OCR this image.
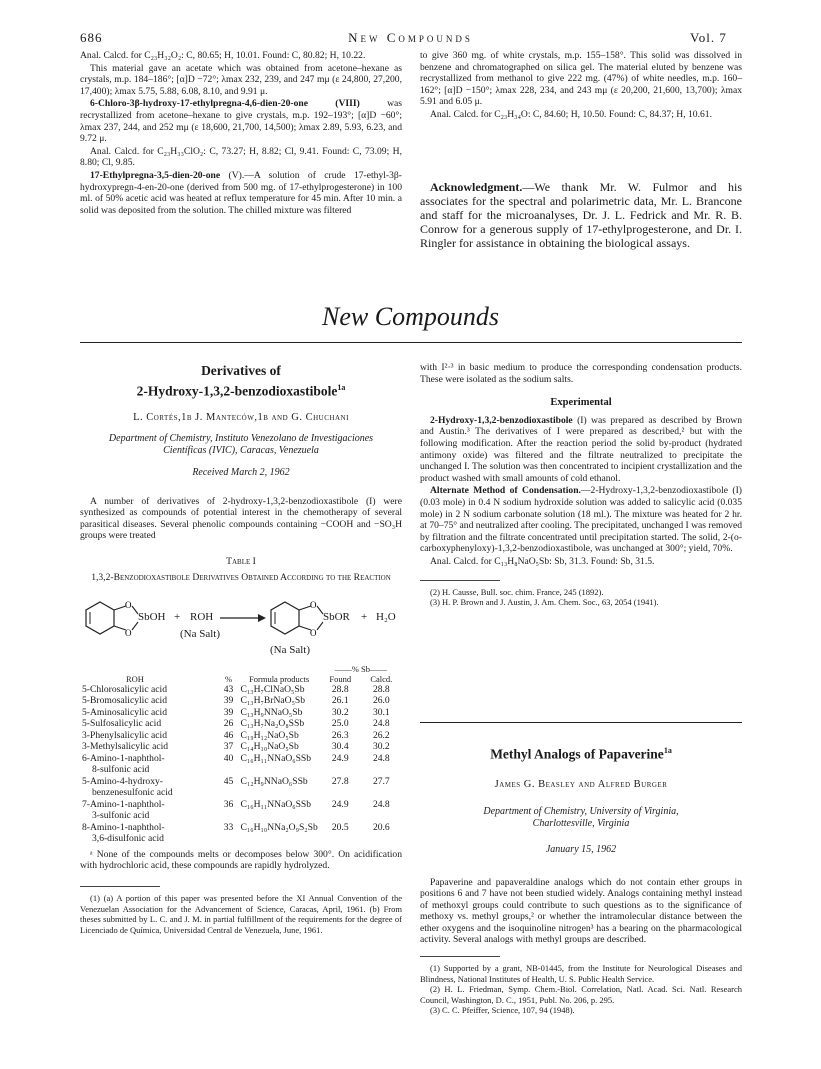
686	New Compounds	Vol. 7

Anal. Calcd. for C₂₃H₃₂O₂: C, 80.65; H, 10.01. Found: C, 80.82; H, 10.22.

This material gave an acetate which was obtained from acetone–hexane as crystals, m.p. 184–186°; [α]D −72°; λmax 232, 239, and 247 mμ (ε 24,800, 27,200, 17,400); λmax 5.75, 5.88, 6.08, 8.10, and 9.91 μ.

6-Chloro-3β-hydroxy-17-ethylpregna-4,6-dien-20-one (VIII) was recrystallized from acetone–hexane to give crystals, m.p. 192–193°; [α]D −60°; λmax 237, 244, and 252 mμ (ε 18,600, 21,700, 14,500); λmax 2.89, 5.93, 6.23, and 9.72 μ.

Anal. Calcd. for C₂₃H₃₃ClO₂: C, 73.27; H, 8.82; Cl, 9.41. Found: C, 73.09; H, 8.80; Cl, 9.85.

17-Ethylpregna-3,5-dien-20-one (V).—A solution of crude 17-ethyl-3β-hydroxypregn-4-en-20-one (derived from 500 mg. of 17-ethylprogesterone) in 100 ml. of 50% acetic acid was heated at reflux temperature for 45 min. After 10 min. a solid was deposited from the solution. The chilled mixture was filtered

to give 360 mg. of white crystals, m.p. 155–158°. This solid was dissolved in benzene and chromatographed on silica gel. The material eluted by benzene was recrystallized from methanol to give 222 mg. (47%) of white needles, m.p. 160–162°; [α]D −150°; λmax 228, 234, and 243 mμ (ε 20,200, 21,600, 13,700); λmax 5.91 and 6.05 μ.

Anal. Calcd. for C₂₃H₃₄O: C, 84.60; H, 10.50. Found: C, 84.37; H, 10.61.

Acknowledgment.—We thank Mr. W. Fulmor and his associates for the spectral and polarimetric data, Mr. L. Brancone and staff for the microanalyses, Dr. J. L. Fedrick and Mr. R. B. Conrow for a generous supply of 17-ethylprogesterone, and Dr. I. Ringler for assistance in obtaining the biological assays.

New Compounds
Derivatives of
2-Hydroxy-1,3,2-benzodioxastibole$^{1a}$
L. Cortés,1b J. Manteców,1b and G. Chuchani
Department of Chemistry, Instituto Venezolano de Investigaciones Científicas (IVIC), Caracas, Venezuela
Received March 2, 1962

A number of derivatives of 2-hydroxy-1,3,2-benzodioxastibole (I) were synthesized as compounds of potential interest in the chemotherapy of several parasitical diseases. Several phenolic compounds containing −COOH and −SO₃H groups were treated

Table I
1,3,2-Benzodioxastibole Derivatives Obtained According to the Reaction
O
O
O
O
SbOH + ROH
(Na Salt)
SbOR + H₂O
(Na Salt)
ROH	%	Formula products	——% Sb——	
			Found	Calcd.
5-Chlorosalicylic acid	43	C₁₃H₇ClNaO₅Sb	28.8	28.8
5-Bromosalicylic acid	39	C₁₃H₇BrNaO₅Sb	26.1	26.0
5-Aminosalicylic acid	39	C₁₃H₉NNaO₅Sb	30.2	30.1
5-Sulfosalicylic acid	26	C₁₃H₇Na₂O₈SSb	25.0	24.8
3-Phenylsalicylic acid	46	C₁₉H₁₂NaO₅Sb	26.3	26.2
3-Methylsalicylic acid	37	C₁₄H₁₀NaO₅Sb	30.4	30.2

6-Amino-1-naphthol-
8-sulfonic acid	40	C₁₆H₁₁NNaO₆SSb	24.9	24.8

5-Amino-4-hydroxy-
benzenesulfonic acid	45	C₁₂H₉NNaO₆SSb	27.8	27.7

7-Amino-1-naphthol-
3-sulfonic acid	36	C₁₆H₁₁NNaO₆SSb	24.9	24.8

8-Amino-1-naphthol-
3,6-disulfonic acid	33	C₁₆H₁₀NNa₂O₉S₂Sb	20.5	20.6

ᵃ None of the compounds melts or decomposes below 300°. On acidification with hydrochloric acid, these compounds are rapidly hydrolyzed.

(1) (a) A portion of this paper was presented before the XI Annual Convention of the Venezuelan Association for the Advancement of Science, Caracas, April, 1961. (b) From theses submitted by L. C. and J. M. in partial fulfillment of the requirements for the degree of Licenciado de Química, Universidad Central de Venezuela, June, 1961.

with I²·³ in basic medium to produce the corresponding condensation products. These were isolated as the sodium salts.

Experimental

2-Hydroxy-1,3,2-benzodioxastibole (I) was prepared as described by Brown and Austin.³ The derivatives of I were prepared as described,² but with the following modification. After the reaction period the solid by-product (hydrated antimony oxide) was filtered and the filtrate neutralized to precipitate the unchanged I. The solution was then concentrated to incipient crystallization and the product washed with small amounts of cold ethanol.

Alternate Method of Condensation.—2-Hydroxy-1,3,2-benzodioxastibole (I) (0.03 mole) in 0.4 N sodium hydroxide solution was added to salicylic acid (0.035 mole) in 2 N sodium carbonate solution (18 ml.). The mixture was heated for 2 hr. at 70–75° and neutralized after cooling. The precipitated, unchanged I was removed by filtration and the filtrate concentrated until precipitation started. The solid, 2-(o-carboxyphenyloxy)-1,3,2-benzodioxastibole, was unchanged at 300°; yield, 70%.

Anal. Calcd. for C₁₃H₈NaO₅Sb: Sb, 31.3. Found: Sb, 31.5.

(2) H. Causse, Bull. soc. chim. France, 245 (1892).

(3) H. P. Brown and J. Austin, J. Am. Chem. Soc., 63, 2054 (1941).

Methyl Analogs of Papaverine$^{1a}$
James G. Beasley and Alfred Burger
Department of Chemistry, University of Virginia, Charlottesville, Virginia
January 15, 1962

Papaverine and papaveraldine analogs which do not contain ether groups in positions 6 and 7 have not been studied widely. Analogs containing methyl instead of methoxyl groups could contribute to such questions as to the significance of methoxy vs. methyl groups,² or whether the intramolecular distance between the ether oxygens and the isoquinoline nitrogen³ has a bearing on the pharmacological activity. Several analogs with methyl groups are described.

(1) Supported by a grant, NB-01445, from the Institute for Neurological Diseases and Blindness, National Institutes of Health, U. S. Public Health Service.

(2) H. L. Friedman, Symp. Chem.-Biol. Correlation, Natl. Acad. Sci. Natl. Research Council, Washington, D. C., 1951, Publ. No. 206, p. 295.

(3) C. C. Pfeiffer, Science, 107, 94 (1948).
